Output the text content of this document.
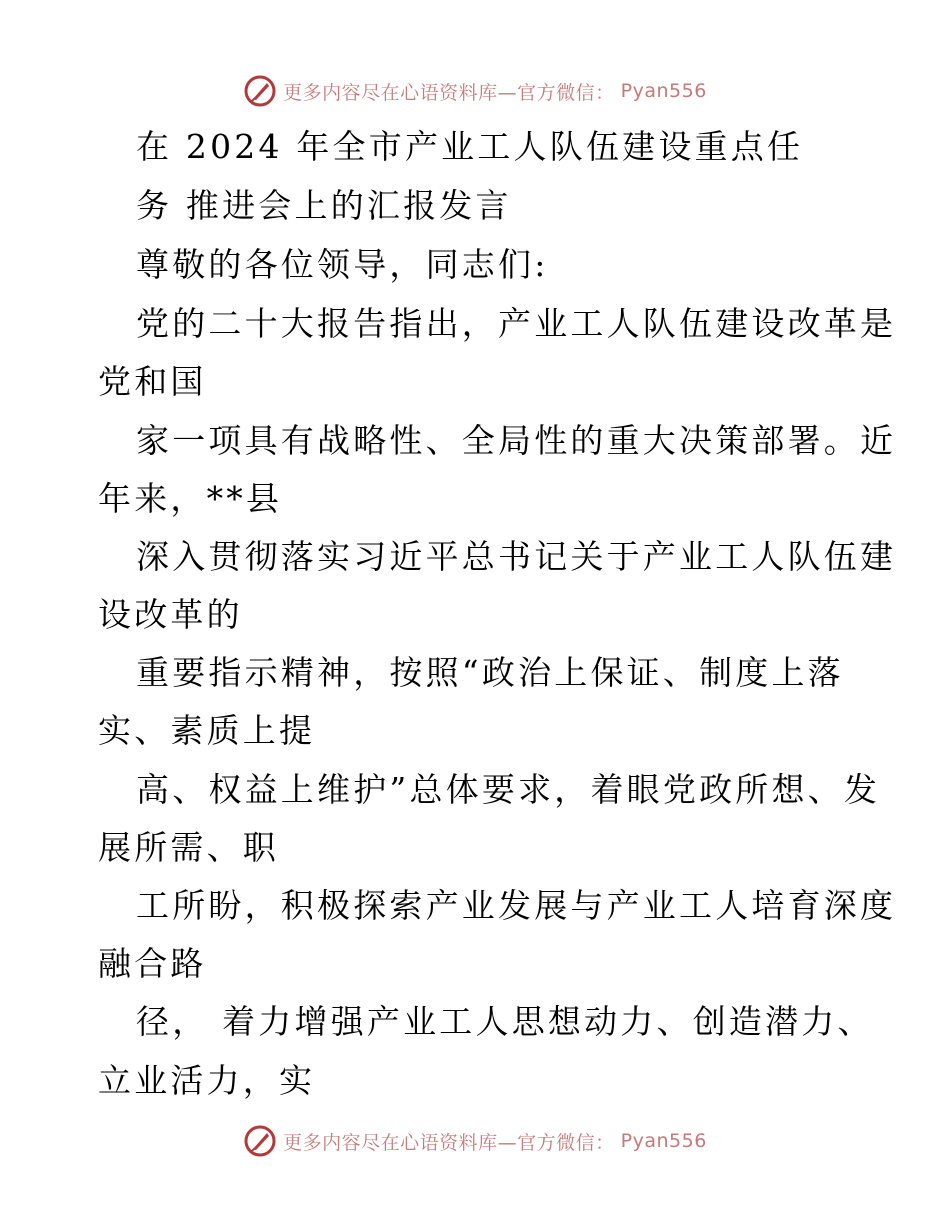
更多内容尽在心语资料库—官方微信： Pyan556
在 2024 年全市产业工人队伍建设重点任
务 推进会上的汇报发言
尊敬的各位领导，同志们:
党的二十大报告指出，产业工人队伍建设改革是
党和国
家一项具有战略性、全局性的重大决策部署。近
年来，**县
深入贯彻落实习近平总书记关于产业工人队伍建
设改革的
重要指示精神，按照“政治上保证、制度上落
实、素质上提
高、权益上维护”总体要求，着眼党政所想、发
展所需、职
工所盼，积极探索产业发展与产业工人培育深度
融合路
径， 着力增强产业工人思想动力、创造潜力、
立业活力，实
更多内容尽在心语资料库—官方微信： Pyan556
